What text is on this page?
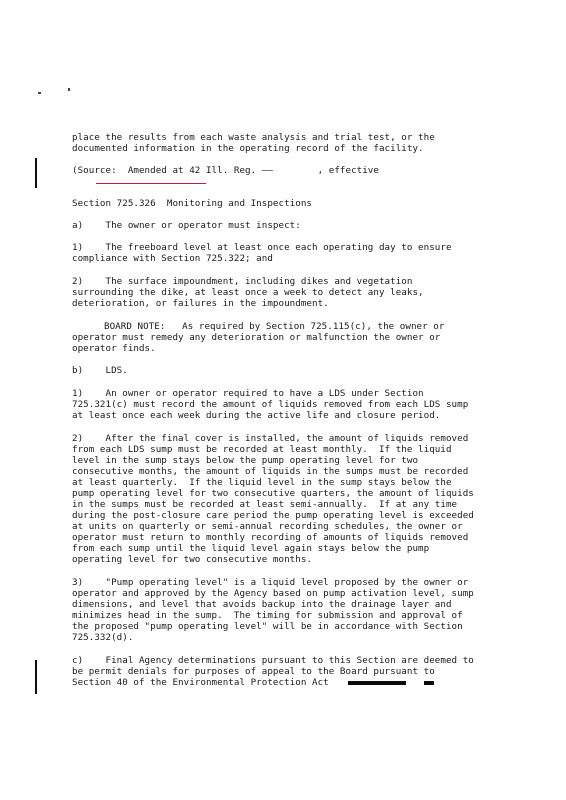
place the results from each waste analysis and trial test, or the

documented information in the operating record of the facility.

(Source:  Amended at 42 Ill. Reg. ——        , effective

Section 725.326  Monitoring and Inspections

a)    The owner or operator must inspect:

1)    The freeboard level at least once each operating day to ensure

compliance with Section 725.322; and

2)    The surface impoundment, including dikes and vegetation

surrounding the dike, at least once a week to detect any leaks,

deterioration, or failures in the impoundment.

BOARD NOTE:   As required by Section 725.115(c), the owner or

operator must remedy any deterioration or malfunction the owner or

operator finds.

b)    LDS.

1)    An owner or operator required to have a LDS under Section

725.321(c) must record the amount of liquids removed from each LDS sump

at least once each week during the active life and closure period.

2)    After the final cover is installed, the amount of liquids removed

from each LDS sump must be recorded at least monthly.  If the liquid

level in the sump stays below the pump operating level for two

consecutive months, the amount of liquids in the sumps must be recorded

at least quarterly.  If the liquid level in the sump stays below the

pump operating level for two consecutive quarters, the amount of liquids

in the sumps must be recorded at least semi-annually.  If at any time

during the post-closure care period the pump operating level is exceeded

at units on quarterly or semi-annual recording schedules, the owner or

operator must return to monthly recording of amounts of liquids removed

from each sump until the liquid level again stays below the pump

operating level for two consecutive months.

3)    "Pump operating level" is a liquid level proposed by the owner or

operator and approved by the Agency based on pump activation level, sump

dimensions, and level that avoids backup into the drainage layer and

minimizes head in the sump.  The timing for submission and approval of

the proposed "pump operating level" will be in accordance with Section

725.332(d).

c)    Final Agency determinations pursuant to this Section are deemed to

be permit denials for purposes of appeal to the Board pursuant to

Section 40 of the Environmental Protection Act
